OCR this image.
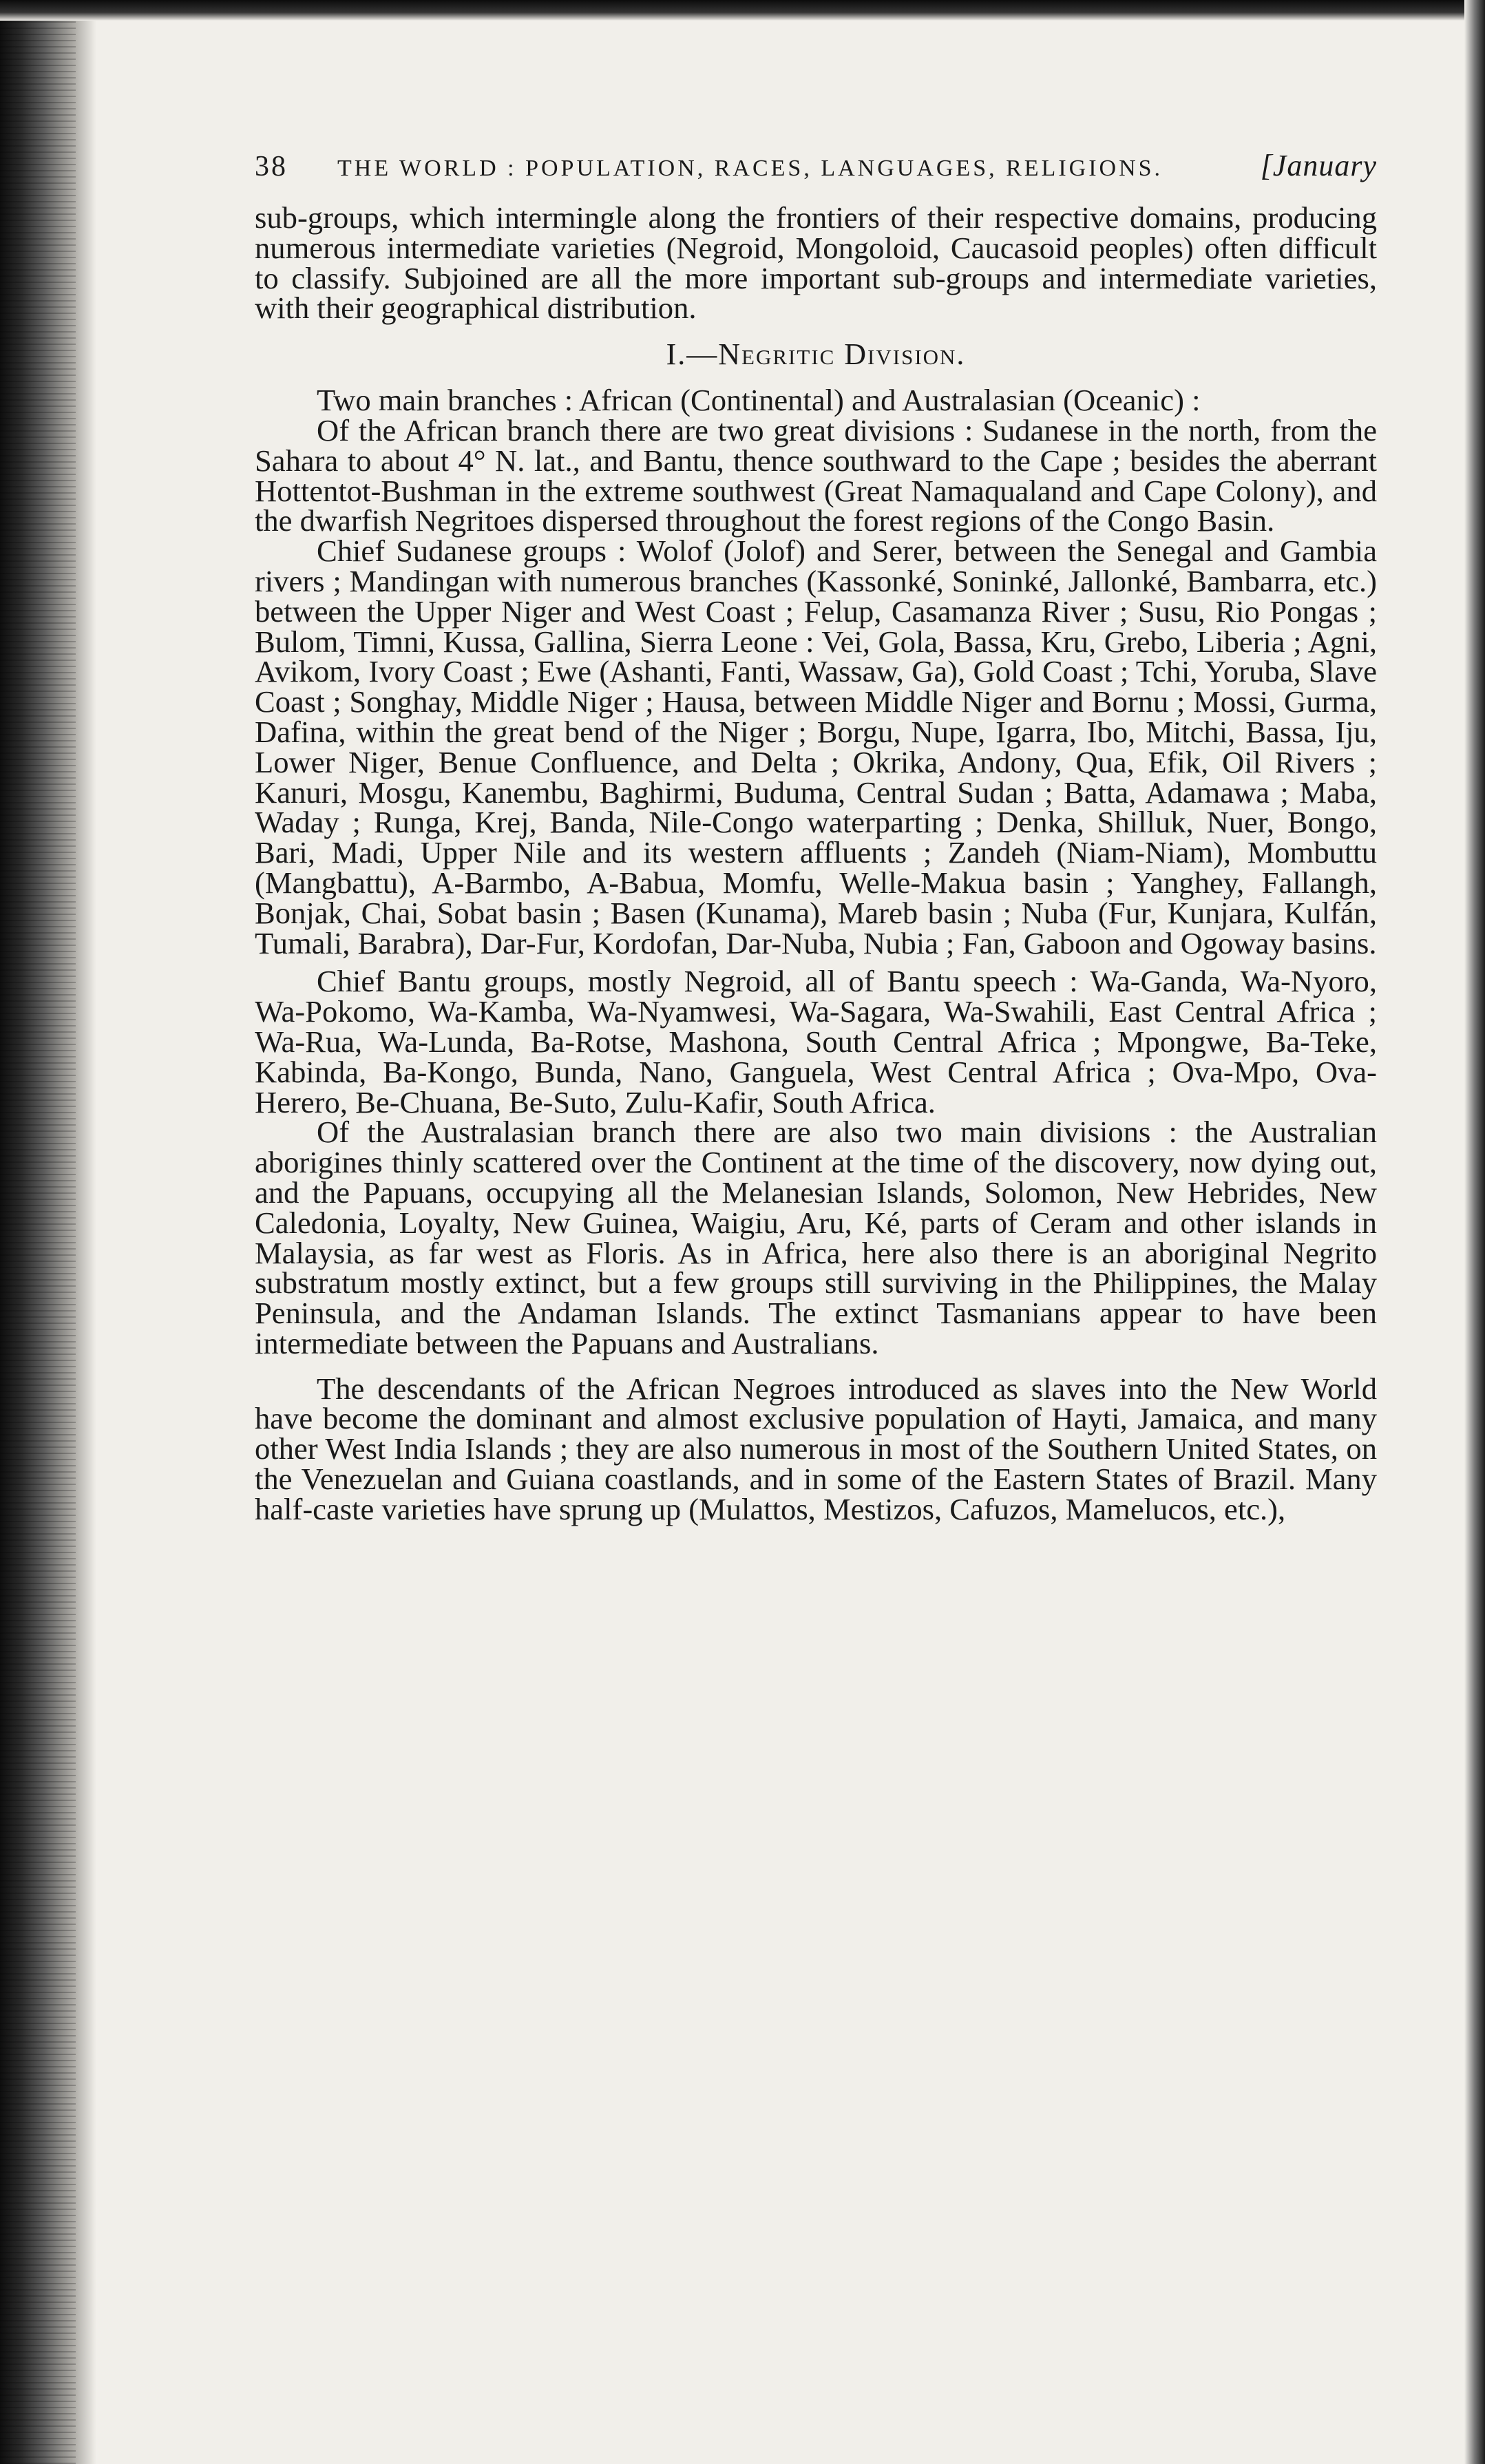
38	THE WORLD : POPULATION, RACES, LANGUAGES, RELIGIONS.	[January

sub-groups, which intermingle along the frontiers of their respective domains, producing numerous intermediate varieties (Negroid, Mongoloid, Caucasoid peoples) often difficult to classify. Subjoined are all the more important sub-groups and intermediate varieties, with their geographical distribution.

I.—Negritic Division.

Two main branches : African (Continental) and Australasian (Oceanic) :

Of the African branch there are two great divisions : Sudanese in the north, from the Sahara to about 4° N. lat., and Bantu, thence southward to the Cape ; besides the aberrant Hottentot-Bushman in the extreme southwest (Great Namaqualand and Cape Colony), and the dwarfish Negritoes dispersed throughout the forest regions of the Congo Basin.

Chief Sudanese groups : Wolof (Jolof) and Serer, between the Senegal and Gambia rivers ; Mandingan with numerous branches (Kassonké, Soninké, Jallonké, Bambarra, etc.) between the Upper Niger and West Coast ; Felup, Casamanza River ; Susu, Rio Pongas ; Bulom, Timni, Kussa, Gallina, Sierra Leone : Vei, Gola, Bassa, Kru, Grebo, Liberia ; Agni, Avikom, Ivory Coast ; Ewe (Ashanti, Fanti, Wassaw, Ga), Gold Coast ; Tchi, Yoruba, Slave Coast ; Songhay, Middle Niger ; Hausa, between Middle Niger and Bornu ; Mossi, Gurma, Dafina, within the great bend of the Niger ; Borgu, Nupe, Igarra, Ibo, Mitchi, Bassa, Iju, Lower Niger, Benue Confluence, and Delta ; Okrika, Andony, Qua, Efik, Oil Rivers ; Kanuri, Mosgu, Kanembu, Baghirmi, Buduma, Central Sudan ; Batta, Adamawa ; Maba, Waday ; Runga, Krej, Banda, Nile-Congo waterparting ; Denka, Shilluk, Nuer, Bongo, Bari, Madi, Upper Nile and its western affluents ; Zandeh (Niam-Niam), Mombuttu (Mangbattu), A-Barmbo, A-Babua, Momfu, Welle-Makua basin ; Yanghey, Fallangh, Bonjak, Chai, Sobat basin ; Basen (Kunama), Mareb basin ; Nuba (Fur, Kunjara, Kulfán, Tumali, Barabra), Dar-Fur, Kordofan, Dar-Nuba, Nubia ; Fan, Gaboon and Ogoway basins.

Chief Bantu groups, mostly Negroid, all of Bantu speech : Wa-Ganda, Wa-Nyoro, Wa-Pokomo, Wa-Kamba, Wa-Nyamwesi, Wa-Sagara, Wa-Swahili, East Central Africa ; Wa-Rua, Wa-Lunda, Ba-Rotse, Mashona, South Central Africa ; Mpongwe, Ba-Teke, Kabinda, Ba-Kongo, Bunda, Nano, Ganguela, West Central Africa ; Ova-Mpo, Ova-Herero, Be-Chuana, Be-Suto, Zulu-Kafir, South Africa.

Of the Australasian branch there are also two main divisions : the Australian aborigines thinly scattered over the Continent at the time of the discovery, now dying out, and the Papuans, occupying all the Melanesian Islands, Solomon, New Hebrides, New Caledonia, Loyalty, New Guinea, Waigiu, Aru, Ké, parts of Ceram and other islands in Malaysia, as far west as Floris. As in Africa, here also there is an aboriginal Negrito substratum mostly extinct, but a few groups still surviving in the Philippines, the Malay Peninsula, and the Andaman Islands. The extinct Tasmanians appear to have been intermediate between the Papuans and Australians.

The descendants of the African Negroes introduced as slaves into the New World have become the dominant and almost exclusive population of Hayti, Jamaica, and many other West India Islands ; they are also numerous in most of the Southern United States, on the Venezuelan and Guiana coastlands, and in some of the Eastern States of Brazil. Many half-caste varieties have sprung up (Mulattos, Mestizos, Cafuzos, Mamelucos, etc.),
